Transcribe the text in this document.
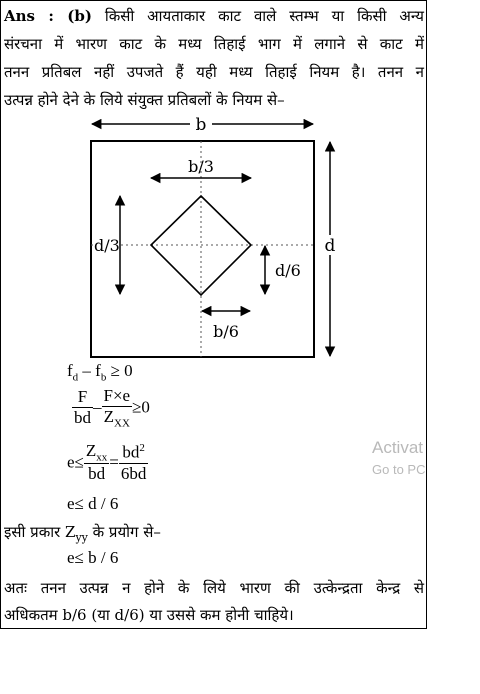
Ans : (b) किसी आयताकार काट वाले स्तम्भ या किसी अन्य
संरचना में भारण काट के मध्य तिहाई भाग में लगाने से काट में
तनन प्रतिबल नहीं उपजते हैं यही मध्य तिहाई नियम है। तनन न
उत्पन्न होने देने के लिये संयुक्त प्रतिबलों के नियम से–
b
d
b/3
d/3
d/6
b/6
$f_d - f_b \ge 0$
$\frac{F}{bd} - \frac{F\times e}{Z_{XX}} \ge 0$
$e\le \frac{Z_{xx}}{bd} = \frac{bd^2}{6bd}$
e≤ d / 6
इसी प्रकार $Z_{yy}$ के प्रयोग से–
e≤ b / 6
अतः तनन उत्पन्न न होने के लिये भारण की उत्केन्द्रता केन्द्र से
अधिकतम b/6 (या d/6) या उससे कम होनी चाहिये।
Activat
Go to PC
